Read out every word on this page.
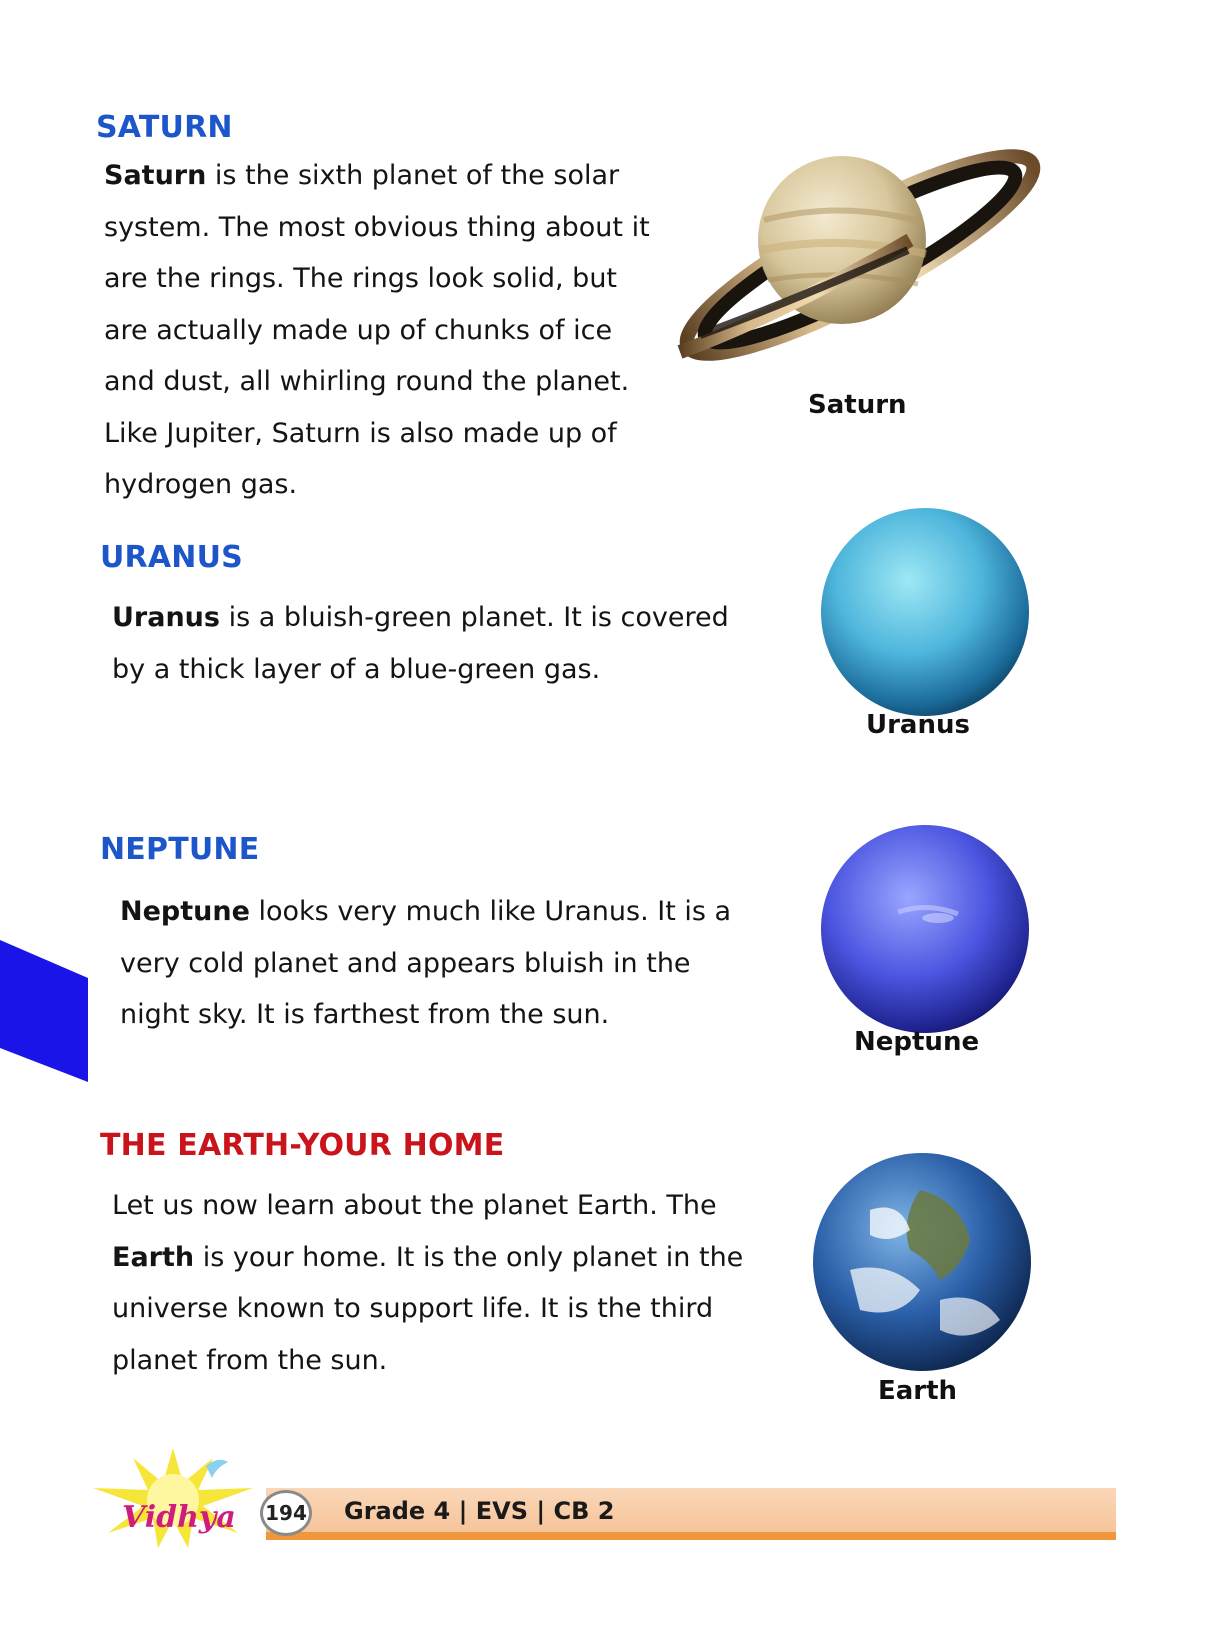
SATURN

Saturn is the sixth planet of the solar
system. The most obvious thing about it
are the rings. The rings look solid, but
are actually made up of chunks of ice
and dust, all whirling round the planet.
Like Jupiter, Saturn is also made up of
hydrogen gas.

Saturn

URANUS

Uranus is a bluish-green planet. It is covered
by a thick layer of a blue-green gas.

Uranus

NEPTUNE

Neptune looks very much like Uranus. It is a
very cold planet and appears bluish in the
night sky. It is farthest from the sun.

Neptune

THE EARTH-YOUR HOME

Let us now learn about the planet Earth. The
Earth is your home. It is the only planet in the
universe known to support life. It is the third
planet from the sun.

Earth

194 Grade 4 | EVS | CB 2
Vidhya
